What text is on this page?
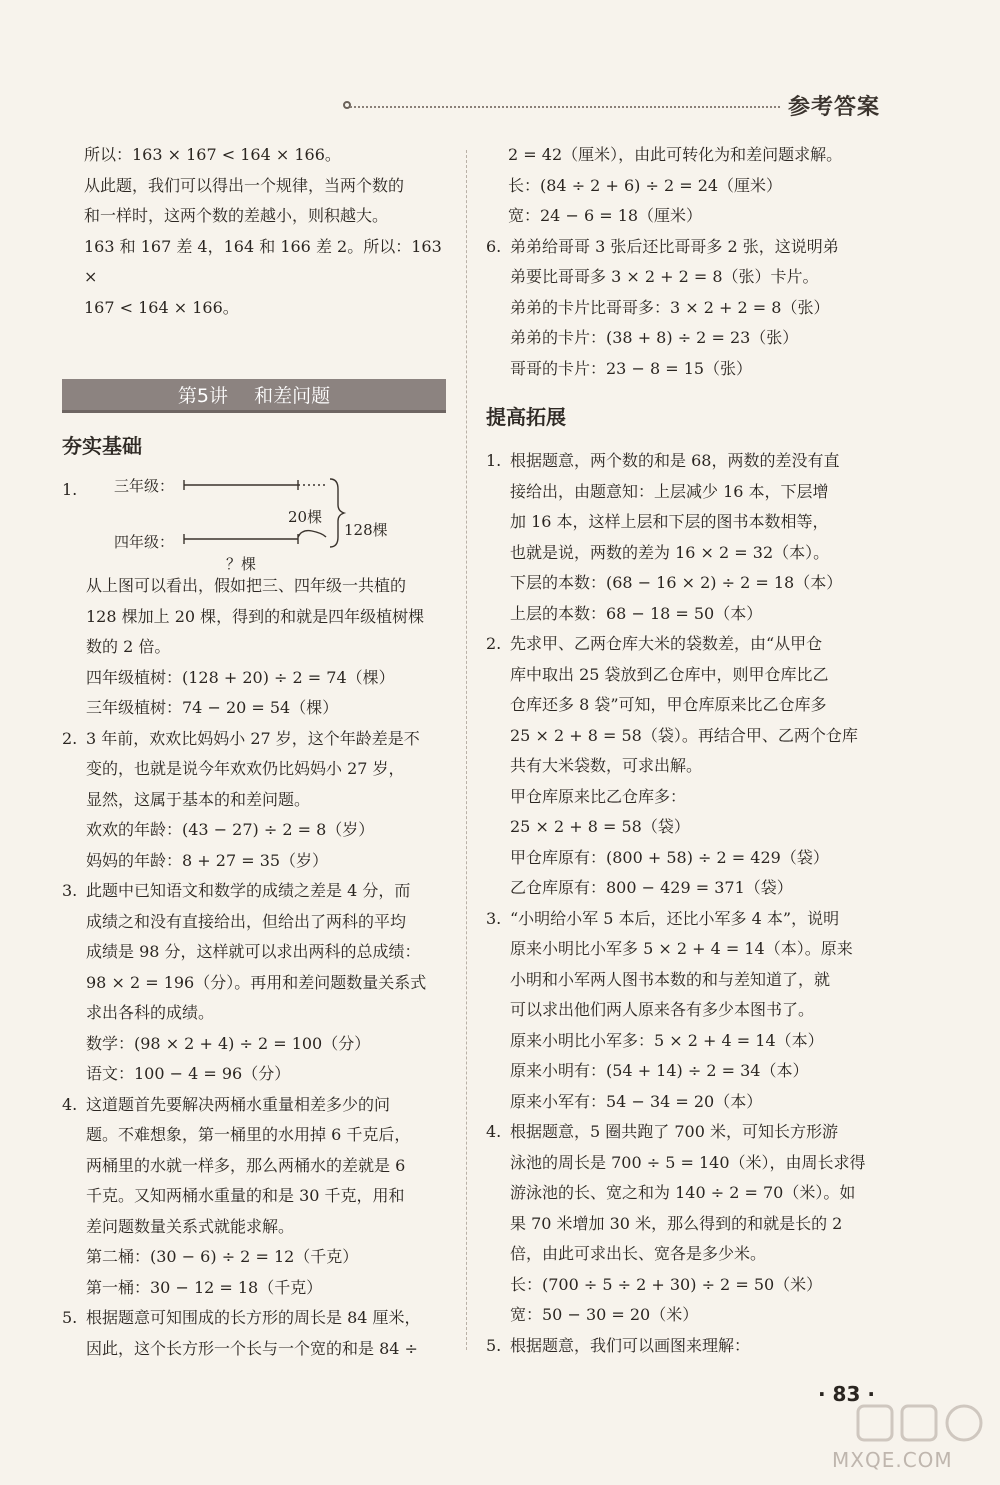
参考答案

所以：163 × 167 < 164 × 166。

从此题，我们可以得出一个规律，当两个数的

和一样时，这两个数的差越小，则积越大。

163 和 167 差 4，164 和 166 差 2。所以：163 ×

167 < 164 × 166。

第5讲 和差问题
夯实基础
1. 三年级：
四年级：
20棵
128棵
？棵

从上图可以看出，假如把三、四年级一共植的

128 棵加上 20 棵，得到的和就是四年级植树棵

数的 2 倍。

四年级植树：(128 + 20) ÷ 2 = 74（棵）

三年级植树：74 − 20 = 54（棵）

2. 3 年前，欢欢比妈妈小 27 岁，这个年龄差是不

变的，也就是说今年欢欢仍比妈妈小 27 岁，

显然，这属于基本的和差问题。

欢欢的年龄：(43 − 27) ÷ 2 = 8（岁）

妈妈的年龄：8 + 27 = 35（岁）

3. 此题中已知语文和数学的成绩之差是 4 分，而

成绩之和没有直接给出，但给出了两科的平均

成绩是 98 分，这样就可以求出两科的总成绩：

98 × 2 = 196（分）。再用和差问题数量关系式

求出各科的成绩。

数学：(98 × 2 + 4) ÷ 2 = 100（分）

语文：100 − 4 = 96（分）

4. 这道题首先要解决两桶水重量相差多少的问

题。不难想象，第一桶里的水用掉 6 千克后，

两桶里的水就一样多，那么两桶水的差就是 6

千克。又知两桶水重量的和是 30 千克，用和

差问题数量关系式就能求解。

第二桶：(30 − 6) ÷ 2 = 12（千克）

第一桶：30 − 12 = 18（千克）

5. 根据题意可知围成的长方形的周长是 84 厘米，

因此，这个长方形一个长与一个宽的和是 84 ÷

2 = 42（厘米），由此可转化为和差问题求解。

长：(84 ÷ 2 + 6) ÷ 2 = 24（厘米）

宽：24 − 6 = 18（厘米）

6. 弟弟给哥哥 3 张后还比哥哥多 2 张，这说明弟

弟要比哥哥多 3 × 2 + 2 = 8（张）卡片。

弟弟的卡片比哥哥多：3 × 2 + 2 = 8（张）

弟弟的卡片：(38 + 8) ÷ 2 = 23（张）

哥哥的卡片：23 − 8 = 15（张）

提高拓展
1. 根据题意，两个数的和是 68，两数的差没有直

接给出，由题意知：上层减少 16 本，下层增

加 16 本，这样上层和下层的图书本数相等，

也就是说，两数的差为 16 × 2 = 32（本）。

下层的本数：(68 − 16 × 2) ÷ 2 = 18（本）

上层的本数：68 − 18 = 50（本）

2. 先求甲、乙两仓库大米的袋数差，由“从甲仓

库中取出 25 袋放到乙仓库中，则甲仓库比乙

仓库还多 8 袋”可知，甲仓库原来比乙仓库多

25 × 2 + 8 = 58（袋）。再结合甲、乙两个仓库

共有大米袋数，可求出解。

甲仓库原来比乙仓库多：

25 × 2 + 8 = 58（袋）

甲仓库原有：(800 + 58) ÷ 2 = 429（袋）

乙仓库原有：800 − 429 = 371（袋）

3. “小明给小军 5 本后，还比小军多 4 本”，说明

原来小明比小军多 5 × 2 + 4 = 14（本）。原来

小明和小军两人图书本数的和与差知道了，就

可以求出他们两人原来各有多少本图书了。

原来小明比小军多：5 × 2 + 4 = 14（本）

原来小明有：(54 + 14) ÷ 2 = 34（本）

原来小军有：54 − 34 = 20（本）

4. 根据题意，5 圈共跑了 700 米，可知长方形游

泳池的周长是 700 ÷ 5 = 140（米），由周长求得

游泳池的长、宽之和为 140 ÷ 2 = 70（米）。如

果 70 米增加 30 米，那么得到的和就是长的 2

倍，由此可求出长、宽各是多少米。

长：(700 ÷ 5 ÷ 2 + 30) ÷ 2 = 50（米）

宽：50 − 30 = 20（米）

5. 根据题意，我们可以画图来理解：

· 83 ·
MXQE.COM
